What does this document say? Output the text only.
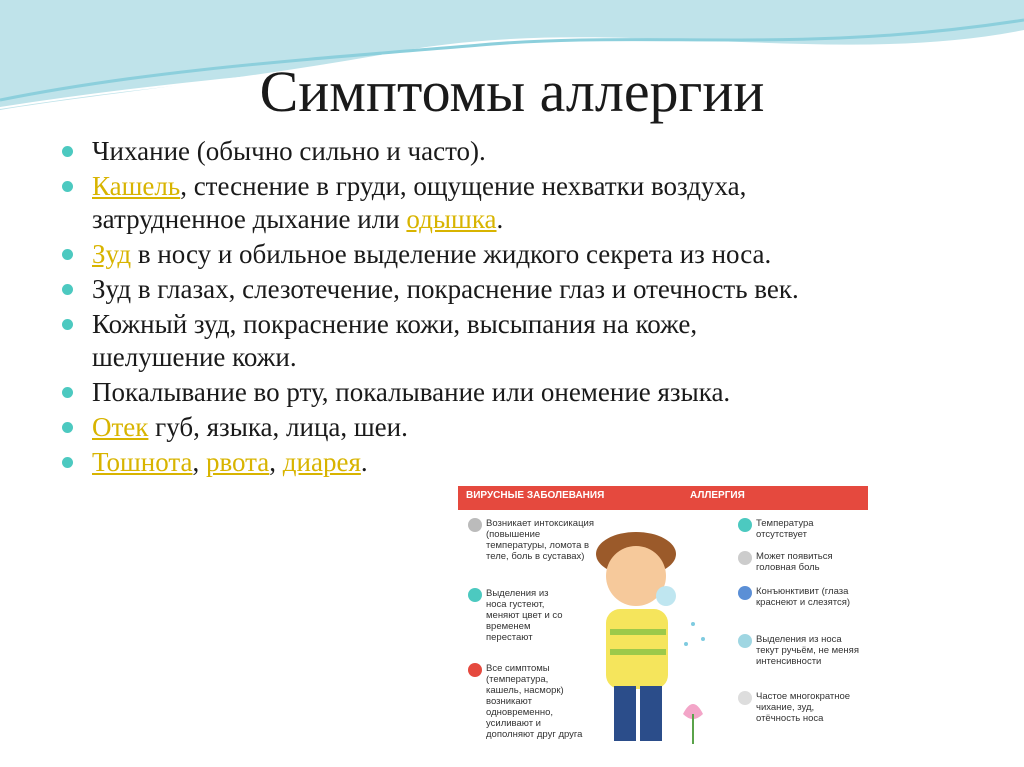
Симптомы аллергии
Чихание (обычно сильно и часто).
Кашель, стеснение в груди, ощущение нехватки воздуха, затрудненное дыхание или одышка.
Зуд в носу и обильное выделение жидкого секрета из носа.
Зуд в глазах, слезотечение, покраснение глаз и отечность век.
Кожный зуд, покраснение кожи, высыпания на коже, шелушение кожи.
Покалывание во рту, покалывание или онемение языка.
Отек губ, языка, лица, шеи.
Тошнота, рвота, диарея.
ВИРУСНЫЕ ЗАБОЛЕВАНИЯ	АЛЛЕРГИЯ
Возникает интоксикация (повышение температуры, ломота в теле, боль в суставах)
Выделения из носа густеют, меняют цвет и со временем перестают
Все симптомы (температура, кашель, насморк) возникают одновременно, усиливают и дополняют друг друга
Температура отсутствует
Может появиться головная боль
Конъюнктивит (глаза краснеют и слезятся)
Выделения из носа текут ручьём, не меняя интенсивности
Частое многократное чихание, зуд, отёчность носа
